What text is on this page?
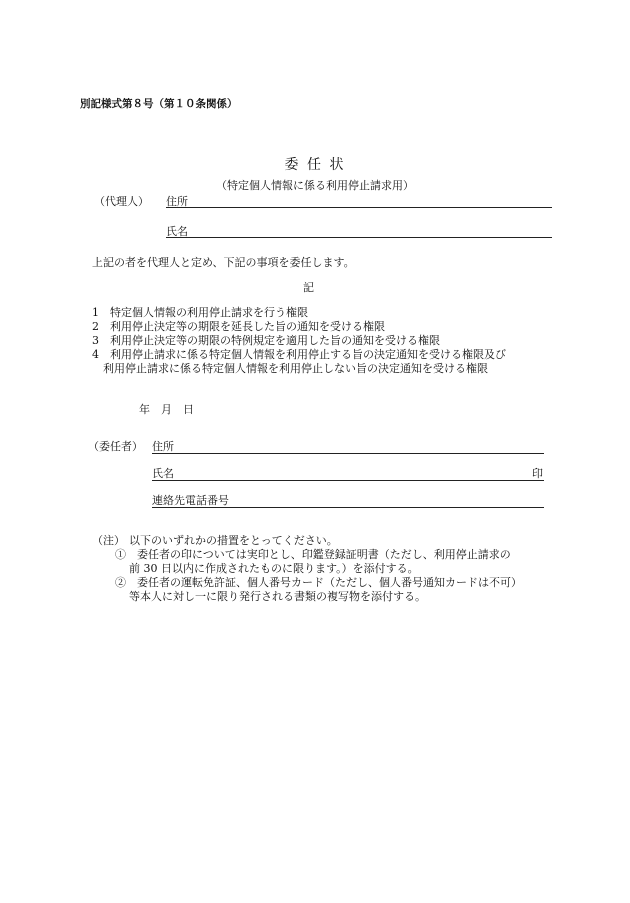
別記様式第８号（第１０条関係）
委 任 状
（特定個人情報に係る利用停止請求用）
（代理人） 住所
氏名
上記の者を代理人と定め、下記の事項を委任します。
記
1　特定個人情報の利用停止請求を行う権限
2　利用停止決定等の期限を延長した旨の通知を受ける権限
3　利用停止決定等の期限の特例規定を適用した旨の通知を受ける権限
4　利用停止請求に係る特定個人情報を利用停止する旨の決定通知を受ける権限及び
利用停止請求に係る特定個人情報を利用停止しない旨の決定通知を受ける権限
年　月　日
（委任者） 住所
氏名	印
連絡先電話番号
（注） 以下のいずれかの措置をとってください。
①　委任者の印については実印とし、印鑑登録証明書（ただし、利用停止請求の
前 30 日以内に作成されたものに限ります。）を添付する。
②　委任者の運転免許証、個人番号カード（ただし、個人番号通知カードは不可）
等本人に対し一に限り発行される書類の複写物を添付する。
